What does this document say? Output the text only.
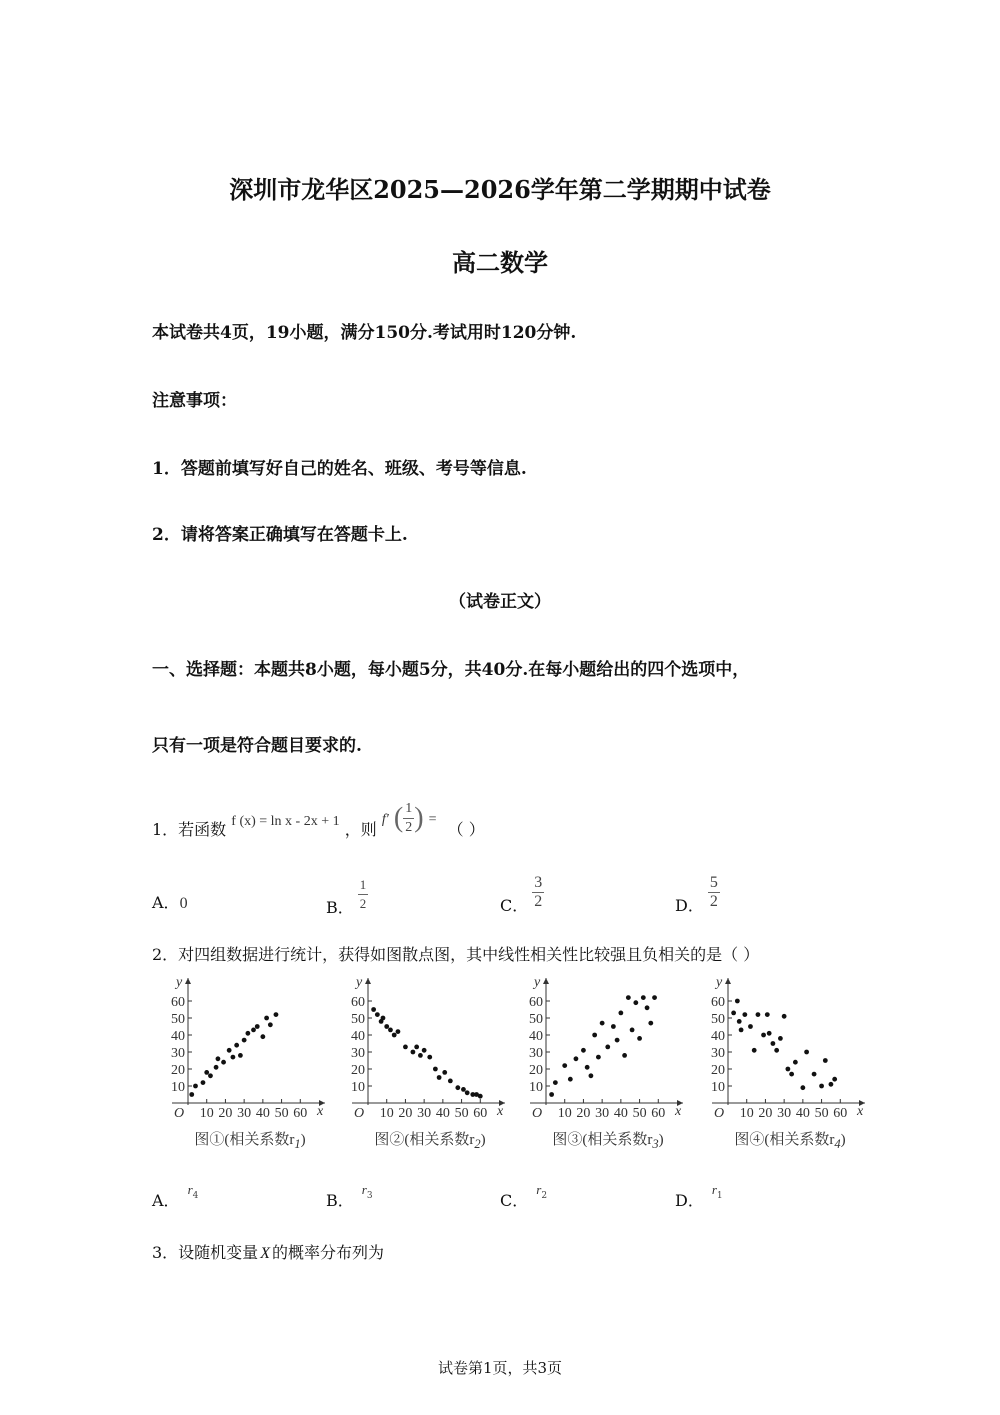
深圳市龙华区2025—2026学年第二学期期中试卷
高二数学
本试卷共4页，19小题，满分150分.考试用时120分钟.
注意事项：
1．答题前填写好自己的姓名、班级、考号等信息.
2．请将答案正确填写在答题卡上.
（试卷正文）
一、选择题：本题共8小题，每小题5分，共40分.在每小题给出的四个选项中，
只有一项是符合题目要求的.
1．若函数 f (x) = ln x - 2x + 1 ，则 f′ ( $\frac{1}{2}$ ) = （ ）
A．0	B． $\frac{1}{2}$	C． $\frac{3}{2}$	D． $\frac{5}{2}$
2．对四组数据进行统计，获得如图散点图，其中线性相关性比较强且负相关的是（ ）
y
x
O
10
20
30
40
50
60
10 20 30 40 50 60
y
x
O
10
20
30
40
50
60
10 20 30 40 50 60
y
x
O
10
20
30
40
50
60
10 20 30 40 50 60
y
x
O
10
20
30
40
50
60
10 20 30 40 50 60
图①(相关系数$r_1$)	图②(相关系数$r_2$)	图③(相关系数$r_3$)	图④(相关系数$r_4$)
A．$^r_4$	B．$^r_3$	C．$^r_2$	D．$^r_1$
3．设随机变量 X 的概率分布列为
试卷第1页，共3页
